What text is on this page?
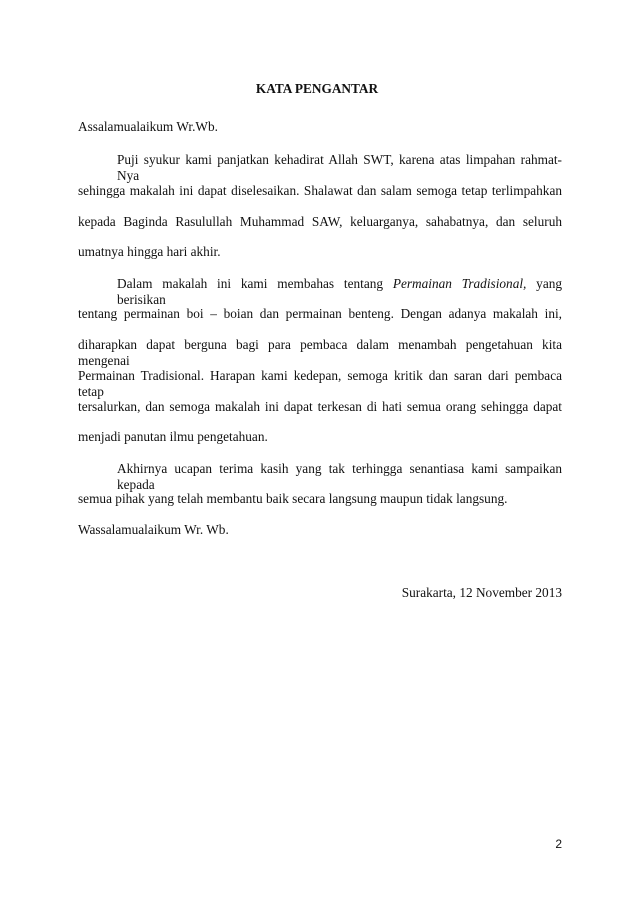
KATA PENGANTAR
Assalamualaikum Wr.Wb.
Puji syukur kami panjatkan kehadirat Allah SWT, karena atas limpahan rahmat-Nya
sehingga makalah ini dapat diselesaikan. Shalawat dan salam semoga tetap terlimpahkan
kepada Baginda Rasulullah Muhammad SAW, keluarganya, sahabatnya, dan seluruh
umatnya hingga hari akhir.
Dalam makalah ini kami membahas tentang Permainan Tradisional, yang berisikan
tentang permainan boi – boian dan permainan benteng. Dengan adanya makalah ini,
diharapkan dapat berguna bagi para pembaca dalam menambah pengetahuan kita mengenai
Permainan Tradisional. Harapan kami kedepan, semoga kritik dan saran dari pembaca tetap
tersalurkan, dan semoga makalah ini dapat terkesan di hati semua orang sehingga dapat
menjadi panutan ilmu pengetahuan.
Akhirnya ucapan terima kasih yang tak terhingga senantiasa kami sampaikan kepada
semua pihak yang telah membantu baik secara langsung maupun tidak langsung.
Wassalamualaikum Wr. Wb.
Surakarta, 12 November 2013
2
